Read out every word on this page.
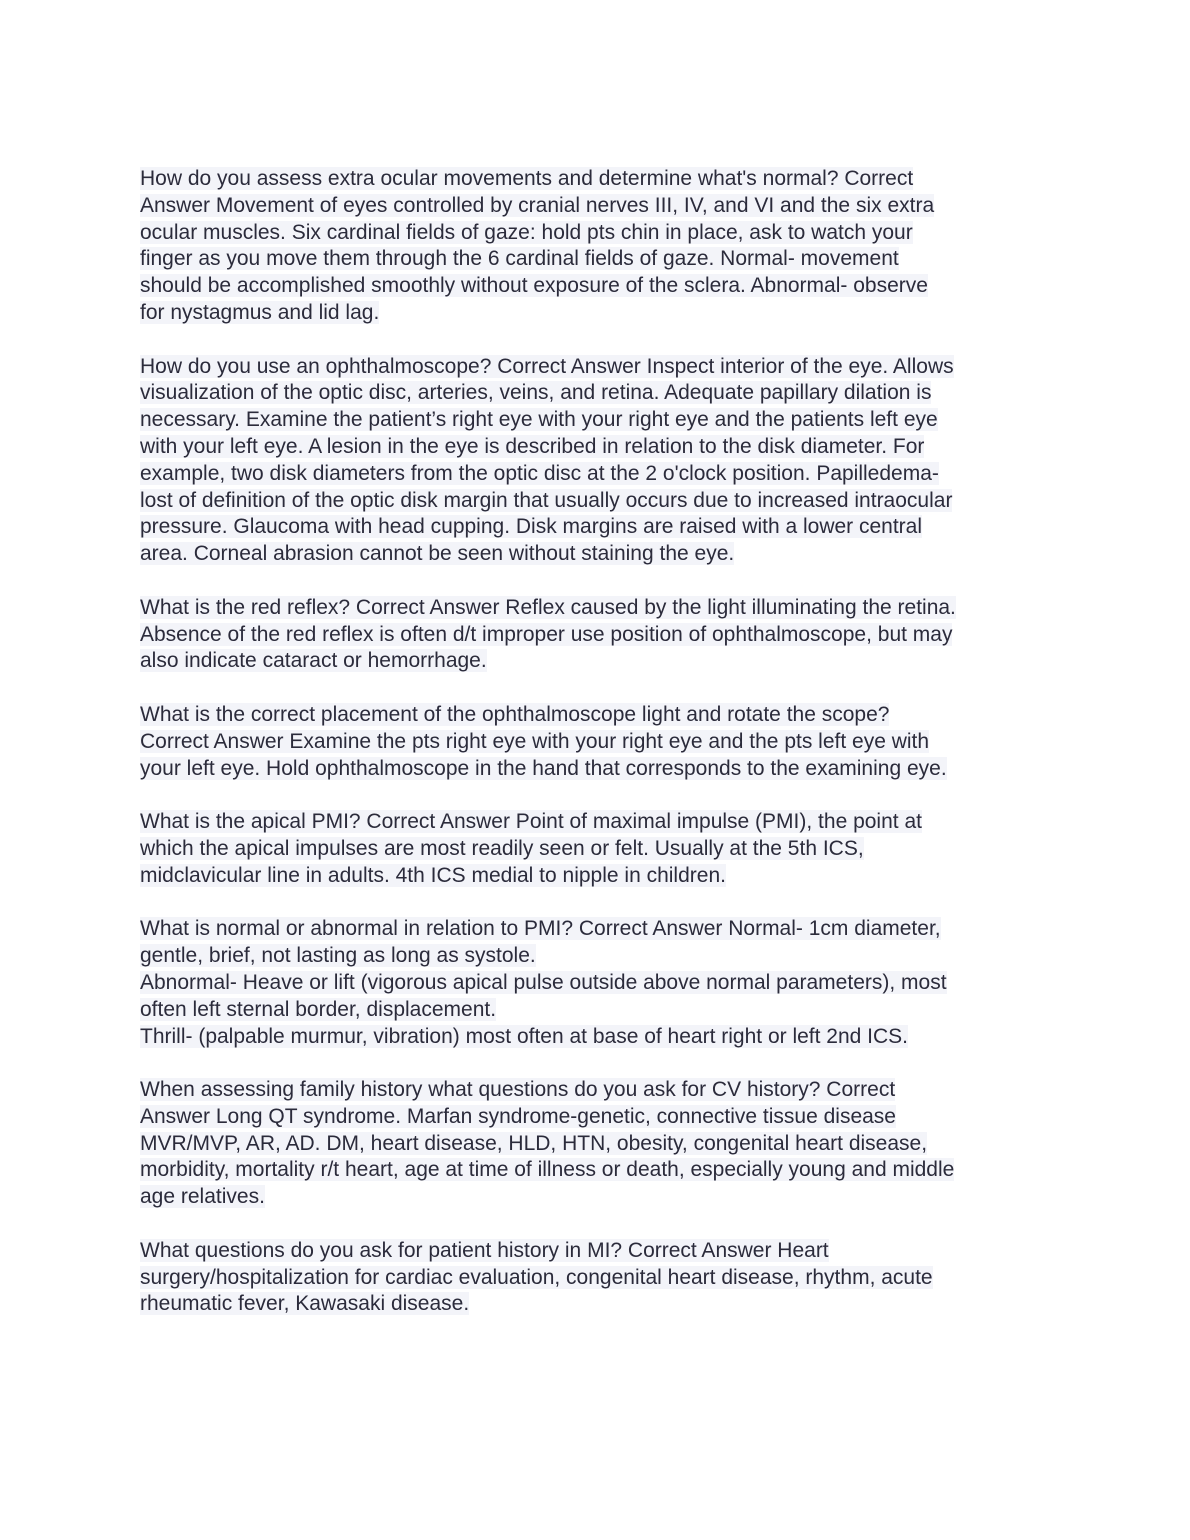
How do you assess extra ocular movements and determine what's normal? Correct
Answer Movement of eyes controlled by cranial nerves III, IV, and VI and the six extra
ocular muscles. Six cardinal fields of gaze: hold pts chin in place, ask to watch your
finger as you move them through the 6 cardinal fields of gaze. Normal- movement
should be accomplished smoothly without exposure of the sclera. Abnormal- observe
for nystagmus and lid lag.
How do you use an ophthalmoscope? Correct Answer Inspect interior of the eye. Allows
visualization of the optic disc, arteries, veins, and retina. Adequate papillary dilation is
necessary. Examine the patient’s right eye with your right eye and the patients left eye
with your left eye. A lesion in the eye is described in relation to the disk diameter. For
example, two disk diameters from the optic disc at the 2 o'clock position. Papilledema-
lost of definition of the optic disk margin that usually occurs due to increased intraocular
pressure. Glaucoma with head cupping. Disk margins are raised with a lower central
area. Corneal abrasion cannot be seen without staining the eye.
What is the red reflex? Correct Answer Reflex caused by the light illuminating the retina.
Absence of the red reflex is often d/t improper use position of ophthalmoscope, but may
also indicate cataract or hemorrhage.
What is the correct placement of the ophthalmoscope light and rotate the scope?
Correct Answer Examine the pts right eye with your right eye and the pts left eye with
your left eye. Hold ophthalmoscope in the hand that corresponds to the examining eye.
What is the apical PMI? Correct Answer Point of maximal impulse (PMI), the point at
which the apical impulses are most readily seen or felt. Usually at the 5th ICS,
midclavicular line in adults. 4th ICS medial to nipple in children.
What is normal or abnormal in relation to PMI? Correct Answer Normal- 1cm diameter,
gentle, brief, not lasting as long as systole.
Abnormal- Heave or lift (vigorous apical pulse outside above normal parameters), most
often left sternal border, displacement.
Thrill- (palpable murmur, vibration) most often at base of heart right or left 2nd ICS.
When assessing family history what questions do you ask for CV history? Correct
Answer Long QT syndrome. Marfan syndrome-genetic, connective tissue disease
MVR/MVP, AR, AD. DM, heart disease, HLD, HTN, obesity, congenital heart disease,
morbidity, mortality r/t heart, age at time of illness or death, especially young and middle
age relatives.
What questions do you ask for patient history in MI? Correct Answer Heart
surgery/hospitalization for cardiac evaluation, congenital heart disease, rhythm, acute
rheumatic fever, Kawasaki disease.
